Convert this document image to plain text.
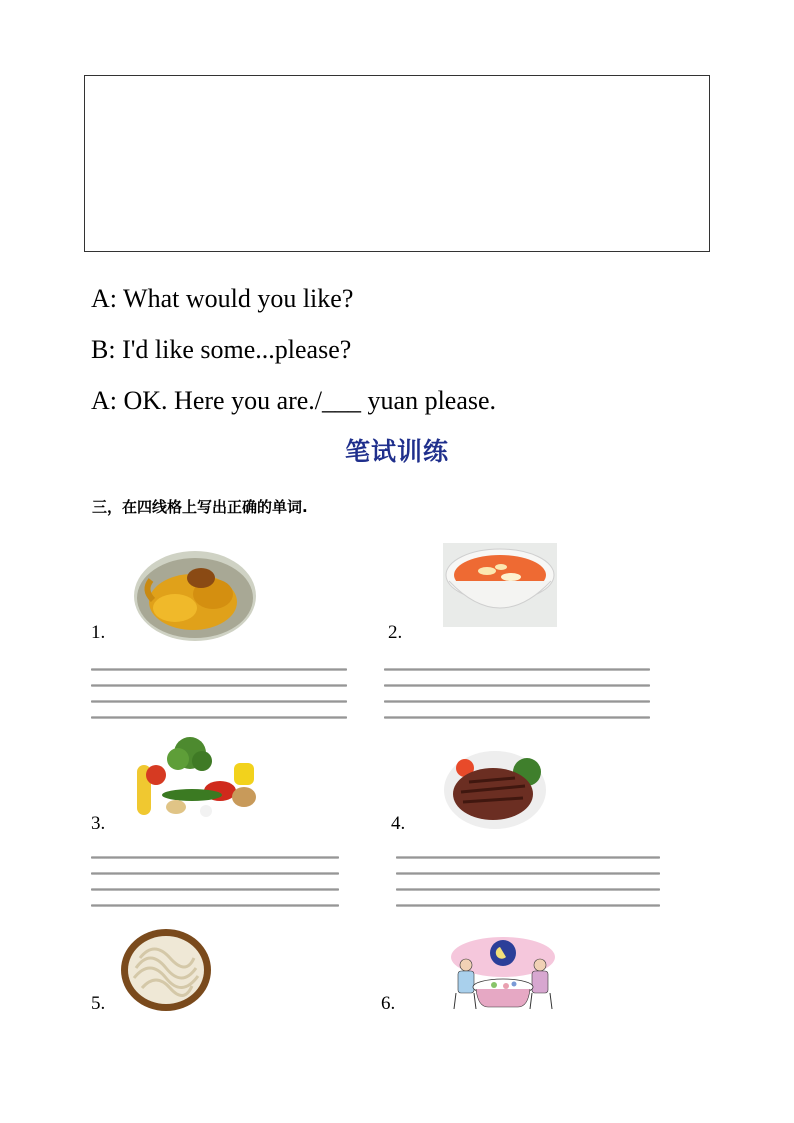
A: What would you like?
B: I'd like some...please?
A: OK. Here you are./___ yuan please.
笔试训练
三，在四线格上写出正确的单词.
1.	2.
3.	4.
5.	6.
